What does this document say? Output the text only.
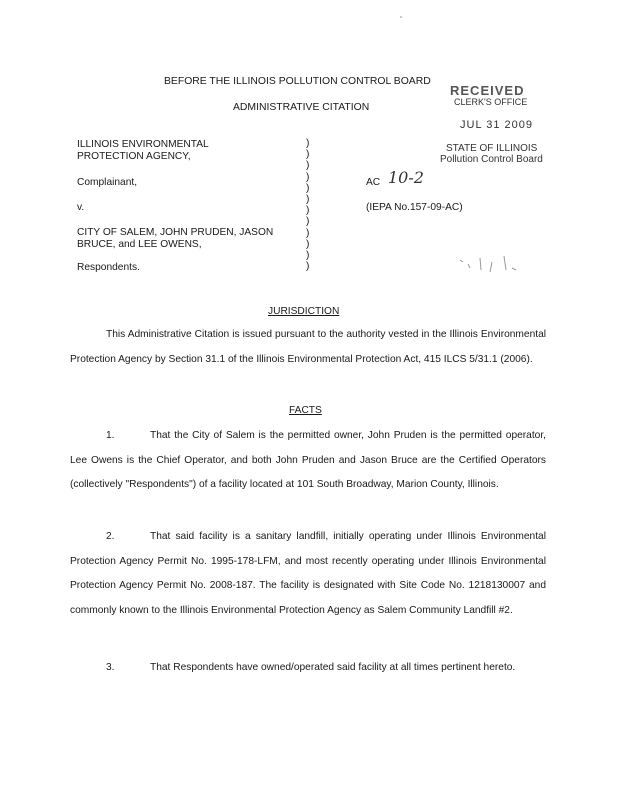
BEFORE THE ILLINOIS POLLUTION CONTROL BOARD
ADMINISTRATIVE CITATION
RECEIVED
CLERK'S OFFICE
JUL 31 2009
STATE OF ILLINOIS
Pollution Control Board
ILLINOIS ENVIRONMENTAL
PROTECTION AGENCY,
Complainant,
v.
CITY OF SALEM, JOHN PRUDEN, JASON
BRUCE, and LEE OWENS,
Respondents.
)
)
)
)
)
)
)
)
)
)
)
)
AC 10-2
(IEPA No.157-09-AC)
JURISDICTION
This Administrative Citation is issued pursuant to the authority vested in the Illinois Environmental Protection Agency by Section 31.1 of the Illinois Environmental Protection Act, 415 ILCS 5/31.1 (2006).
FACTS
1.	That the City of Salem is the permitted owner, John Pruden is the permitted operator, Lee Owens is the Chief Operator, and both John Pruden and Jason Bruce are the Certified Operators (collectively "Respondents") of a facility located at 101 South Broadway, Marion County, Illinois.
2.	That said facility is a sanitary landfill, initially operating under Illinois Environmental Protection Agency Permit No. 1995-178-LFM, and most recently operating under Illinois Environmental Protection Agency Permit No. 2008-187. The facility is designated with Site Code No. 1218130007 and commonly known to the Illinois Environmental Protection Agency as Salem Community Landfill #2.
3.	That Respondents have owned/operated said facility at all times pertinent hereto.
